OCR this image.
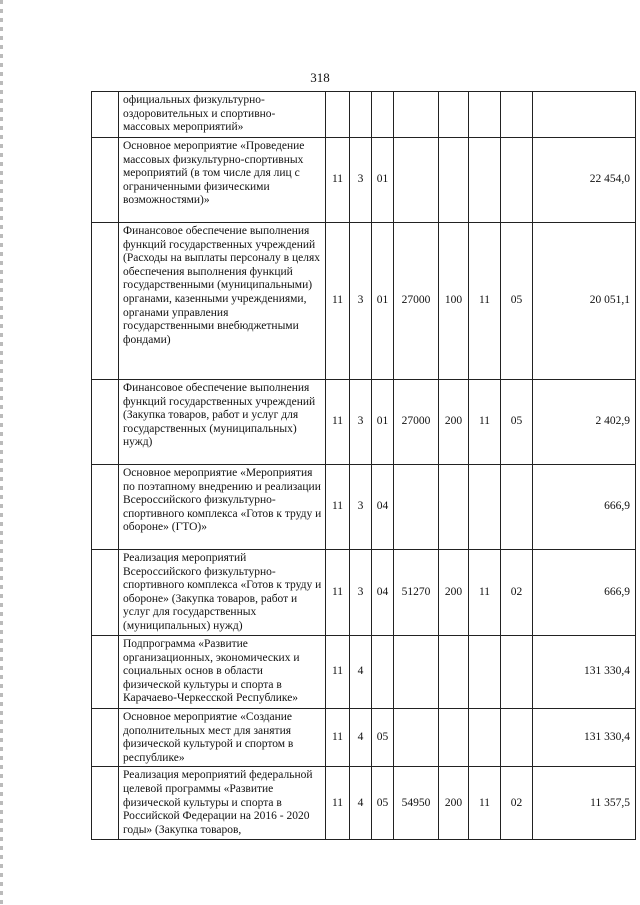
318
	официальных физкультурно-оздоровительных и спортивно-массовых мероприятий»								
	Основное мероприятие «Проведение массовых физкультурно-спортивных мероприятий (в том числе для лиц с ограниченными физическими возможностями)»	11	3	01					22 454,0
	Финансовое обеспечение выполнения функций государственных учреждений (Расходы на выплаты персоналу в целях обеспечения выполнения функций государственными (муниципальными) органами, казенными учреждениями, органами управления государственными внебюджетными фондами)	11	3	01	27000	100	11	05	20 051,1
	Финансовое обеспечение выполнения функций государственных учреждений (Закупка товаров, работ и услуг для государственных (муниципальных) нужд)	11	3	01	27000	200	11	05	2 402,9
	Основное мероприятие «Мероприятия по поэтапному внедрению и реализации Всероссийского физкультурно-спортивного комплекса «Готов к труду и обороне» (ГТО)»	11	3	04					666,9
	Реализация мероприятий Всероссийского физкультурно-спортивного комплекса «Готов к труду и обороне» (Закупка товаров, работ и услуг для государственных (муниципальных) нужд)	11	3	04	51270	200	11	02	666,9
	Подпрограмма «Развитие организационных, экономических и социальных основ в области физической культуры и спорта в Карачаево-Черкесской Республике»	11	4						131 330,4
	Основное мероприятие «Создание дополнительных мест для занятия физической культурой и спортом в республике»	11	4	05					131 330,4
	Реализация мероприятий федеральной целевой программы «Развитие физической культуры и спорта в Российской Федерации на 2016 - 2020 годы» (Закупка товаров,	11	4	05	54950	200	11	02	11 357,5
